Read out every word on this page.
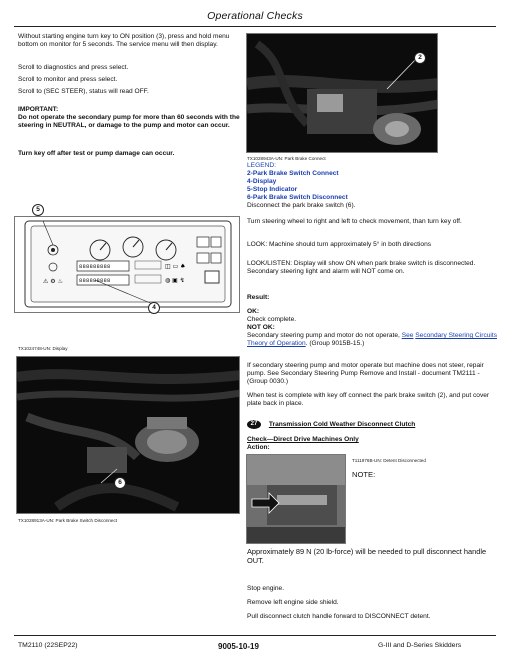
Operational Checks
Without starting engine turn key to ON position (3), press and hold menu bottom on monitor for 5 seconds. The service menu will then display.
Scroll to diagnostics and press select.
Scroll to monitor and press select.
Scroll to (SEC STEER), status will read OFF.
IMPORTANT:
Do not operate the secondary pump for more than 60 seconds with the steering in NEUTRAL, or damage to the pump and motor can occur.
Turn key off after test or pump damage can occur.
⚠ ⚙ ♨
◫ ▭ ♠
◍ ▣ ↯
888888888
888888888
5
4
TX1024748-UN: Display
6
TX1028913A-UN: Park Brake Switch Disconnect
2
TX1028943A-UN: Park Brake Connect
LEGEND:
2-Park Brake Switch Connect
4-Display
5-Stop Indicator
6-Park Brake Switch Disconnect
Disconnect the park brake switch (6).
Turn steering wheel to right and left to check movement, than turn key off.
LOOK: Machine should turn approximately 5° in both directions
LOOK/LISTEN: Display will show ON when park brake switch is disconnected. Secondary steering light and alarm will NOT come on.
Result:
OK:
Check complete.
NOT OK:
Secondary steering pump and motor do not operate, See Secondary Steering Circuits Theory of Operation. (Group 9015B-15.)
If secondary steering pump and motor operate but machine does not steer, repair pump. See Secondary Steering Pump Remove and Install - document TM2111 - (Group 0030.)
When test is complete with key off connect the park brake switch (2), and put cover plate back in place.
27 Transmission Cold Weather Disconnect Clutch
Check—Direct Drive Machines Only
Action:
T111976B-UN: Detent Disconnected
NOTE:
Approximately 89 N (20 lb-force) will be needed to pull disconnect handle OUT.
Stop engine.
Remove left engine side shield.
Pull disconnect clutch handle forward to DISCONNECT detent.
TM2110 (22SEP22)	9005-10-19	G-III and D-Series Skidders
